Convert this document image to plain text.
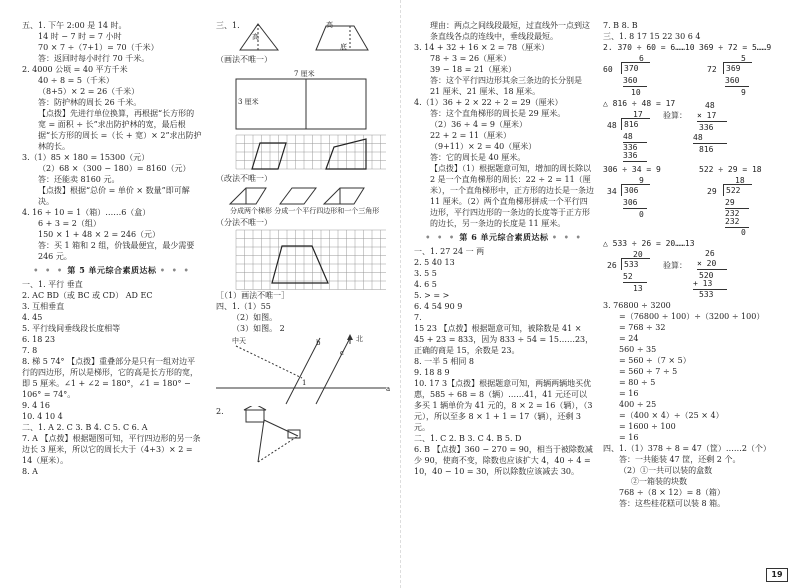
五、1. 下午 2:00 是 14 时。
14 时 − 7 时 = 7 小时
70 × 7 ÷（7+1）= 70（千米）
答：返回时每小时行 70 千米。
2. 4000 公顷 = 40 平方千米
40 ÷ 8 = 5（千米）
（8+5）× 2 = 26（千米）
答：防护林的周长 26 千米。
【点拨】先进行单位换算，再根据“长方形的宽 = 面积 ÷ 长”求出防护林的宽，最后根据“长方形的周长 =（长 + 宽）× 2”求出防护林的长。
3.（1）85 × 180 = 15300（元）
（2）68 ×（300 − 180）= 8160（元）
答：还能卖 8160 元。
【点拨】根据“总价 = 单价 × 数量”即可解决。
4. 16 ÷ 10 = 1（箱）……6（盒）
6 + 3 = 2（组）
150 × 1 + 48 × 2 = 246（元）
答：买 1 箱和 2 组，价钱最便宜，最少需要 246 元。
• • • 第 5 单元综合素质达标 • • •
一、1. 平行 垂直
2. AC BD（或 BC 或 CD） AD EC
3. 互相垂直
4. 45
5. 平行线间垂线段长度相等
6. 18 23
7. 8
8. 梯 5 74° 【点拨】重叠部分是只有一组对边平行的四边形，所以是梯形，它的高是长方形的宽，即 5 厘米。∠1 + ∠2 = 180°，∠1 = 180° − 106° = 74°。
9. 4 16
10. 4 10 4
二、1. A 2. C 3. B 4. C 5. C 6. A
7. A 【点拨】根据题图可知，平行四边形的另一条边长 3 厘米，所以它的周长大于（4+3）× 2 = 14（厘米）。
8. A
三、1.
高
高
底
（画法不唯一）
7 厘米
3 厘米
（改法不唯一）
分成两个梯形 分成一个平行四边形和一个三角形
（分法不唯一）
［（1）画法不唯一］
四、1.（1）55
（2）如图。
（3）如图。 2
中天	b
c
北
1
a
2.
理由：两点之间线段最短，过直线外一点到这条直线各点的连线中，垂线段最短。
3. 14 + 32 + 16 × 2 = 78（厘米）
78 ÷ 3 = 26（厘米）
39 − 18 = 21（厘米）
答：这个平行四边形其余三条边的长分别是 21 厘米、21 厘米、18 厘米。
4.（1）36 + 2 × 22 ÷ 2 = 29（厘米）
答：这个直角梯形的周长是 29 厘米。
（2）36 ÷ 4 = 9（厘米）
22 + 2 = 11（厘米）
（9+11）× 2 = 40（厘米）
答：它的周长是 40 厘米。
【点拨】（1）根据题意可知，增加的周长除以 2 是一个直角梯形的周长：22 ÷ 2 = 11（厘米），一个直角梯形中，正方形的边长是一条边 11 厘米。（2）两个直角梯形拼成一个平行四边形，平行四边形的一条边的长度等于正方形的边长，另一条边的长度是 11 厘米。
• • • 第 6 单元综合素质达标 • • •
一、1. 27 24 一 两
2. 5 40 13
3. 5 5
4. 6 5
5. > = >
6. 4 54 90 9
7.
15 23 【点拨】根据题意可知，被除数是 41 ×
45 + 23 = 833，因为 833 ÷ 54 = 15……23，正确的商是 15，余数是 23。
8. 一半 5 相同 8
9. 18 8 9
10. 17 3【点拨】根据题意可知，两辆两辆地买优惠，585 ÷ 68 = 8（辆）……41，41 元还可以多买 1 辆单价为 41 元的，8 × 2 = 16（辆），（3 元），所以至多 8 × 1 + 1 = 17（辆），还剩 3 元。
二、1. C 2. B 3. C 4. B 5. D
6. B 【点拨】360 − 270 = 90，相当于被除数减少 90，使商不变，除数也应该扩大 4，40 ÷ 4 = 10，40 − 10 = 30，所以除数应该减去 30。
7. B 8. B
三、1. 8 17 15 22 30 6 4
2. 370 ÷ 60 = 6……10
6
60	370
360
10
369 ÷ 72 = 5……9
5
72	369
360
9
△ 816 ÷ 48 = 17
17
48 816
48
336
336
验算：
48
× 17
336
48
816
306 ÷ 34 = 9
9
34 306
306
0
522 ÷ 29 = 18
18
29	522
29
232
232
0
△ 533 ÷ 26 = 20……13
20
26 533
52
13
验算：
26
× 20
520
+ 13
533
3. 76800 ÷ 3200
=（76800 ÷ 100）÷（3200 ÷ 100）
= 768 ÷ 32
= 24
560 ÷ 35
= 560 ÷（7 × 5）
= 560 ÷ 7 ÷ 5
= 80 ÷ 5
= 16
400 ÷ 25
=（400 × 4）÷（25 × 4）
= 1600 ÷ 100
= 16
四、1.（1）378 ÷ 8 = 47（筐）……2（个）
答：一共能装 47 筐，还剩 2 个。
（2）①一共可以装的盒数
②一箱装的块数
768 ÷（8 × 12）= 8（箱）
答：这些桂花糕可以装 8 箱。
19
